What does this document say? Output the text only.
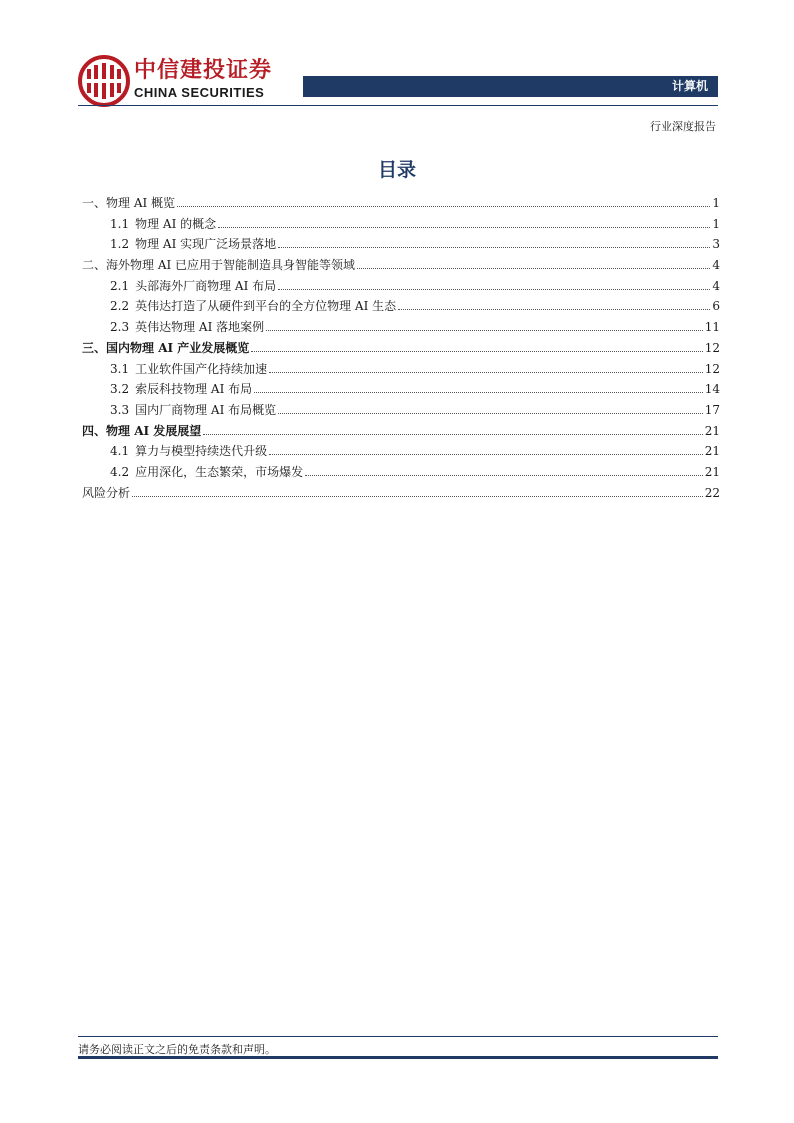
中信建投证券
CHINA SECURITIES	计算机
行业深度报告
目录
一、 物理 AI 概览	1
1.1 物理 AI 的概念	1
1.2 物理 AI 实现广泛场景落地	3
二、 海外物理 AI 已应用于智能制造具身智能等领域	4
2.1 头部海外厂商物理 AI 布局	4
2.2 英伟达打造了从硬件到平台的全方位物理 AI 生态	6
2.3 英伟达物理 AI 落地案例	11
三、 国内物理 AI 产业发展概览	12
3.1 工业软件国产化持续加速	12
3.2 索辰科技物理 AI 布局	14
3.3 国内厂商物理 AI 布局概览	17
四、 物理 AI 发展展望	21
4.1 算力与模型持续迭代升级	21
4.2 应用深化，生态繁荣，市场爆发	21
风险分析	22
请务必阅读正文之后的免责条款和声明。
